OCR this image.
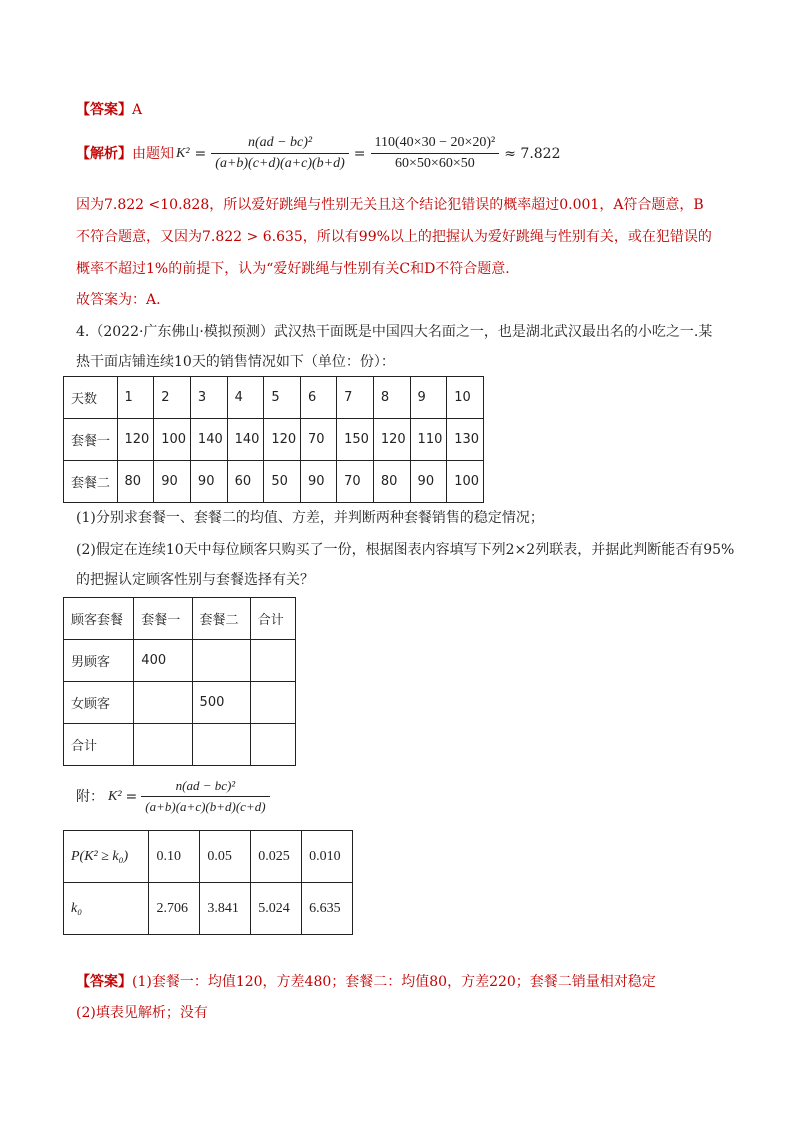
【答案】A
【解析】 由题知 $K^2 = \frac{\text{n(ad − bc)²}}{(a+b)(c+d)(a+c)(b+d)} = \frac{\text{110(40×30 − 20×20)²}}{60\times 50\times 60\times 50} \approx 7.822$
因为7.822 <10.828，所以爱好跳绳与性别无关且这个结论犯错误的概率超过0.001，A符合题意，B
不符合题意，又因为7.822 > 6.635，所以有99%以上的把握认为爱好跳绳与性别有关，或在犯错误的
概率不超过1%的前提下，认为“爱好跳绳与性别有关C和D不符合题意.
故答案为：A.
4.（2022·广东佛山·模拟预测）武汉热干面既是中国四大名面之一，也是湖北武汉最出名的小吃之一.某
热干面店铺连续10天的销售情况如下（单位：份）：
天数	1	2	3	4	5	6	7	8	9	10
套餐一	120	100	140	140	120	70	150	120	110	130
套餐二	80	90	90	60	50	90	70	80	90	100
(1)分别求套餐一、套餐二的均值、方差，并判断两种套餐销售的稳定情况；
(2)假定在连续10天中每位顾客只购买了一份，根据图表内容填写下列2×2列联表，并据此判断能否有95%
的把握认定顾客性别与套餐选择有关？
顾客套餐	套餐一	套餐二	合计
男顾客	400		
女顾客		500	
合计			
附： $K^2 = \frac{\text{n(ad − bc)²}}{(a+b)(a+c)(b+d)(c+d)}$
P(K² ≥ k₀)	0.10	0.05	0.025	0.010
k₀	2.706	3.841	5.024	6.635
【答案】(1)套餐一：均值120，方差480；套餐二：均值80，方差220；套餐二销量相对稳定
(2)填表见解析；没有
